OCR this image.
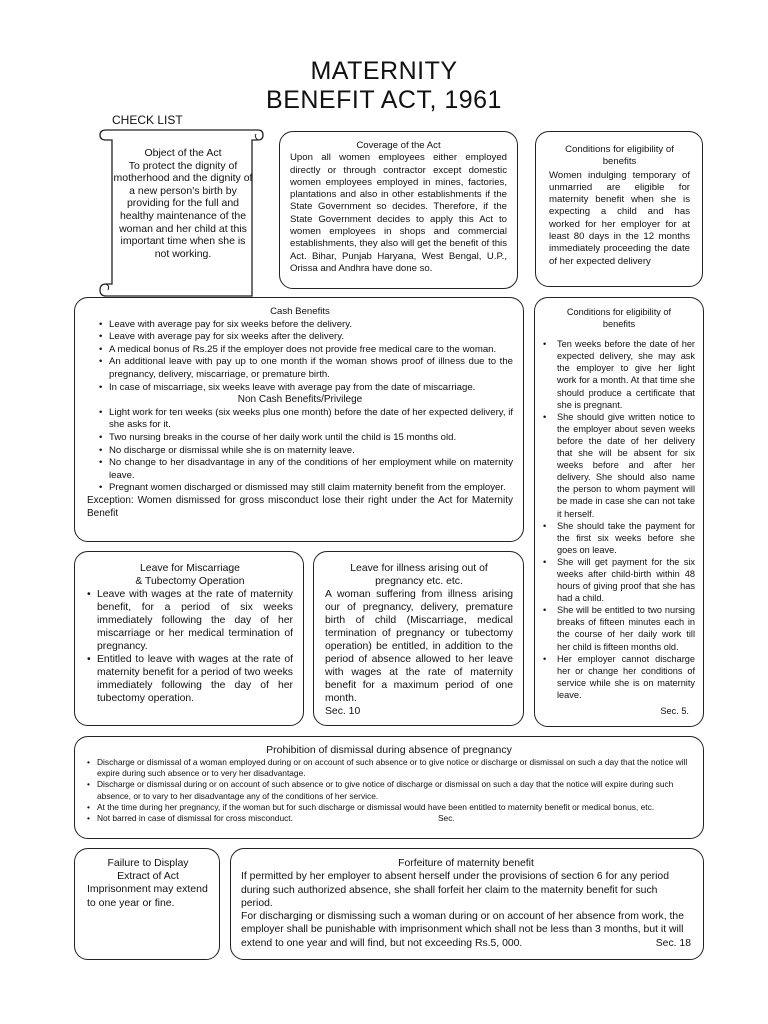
MATERNITY
BENEFIT ACT, 1961
CHECK LIST
Object of the Act
To protect the dignity of motherhood and the dignity of a new person's birth by providing for the full and healthy maintenance of the woman and her child at this important time when she is not working.
Coverage of the Act
Upon all women employees either employed directly or through contractor except domestic women employees employed in mines, factories, plantations and also in other establishments if the State Government so decides. Therefore, if the State Government decides to apply this Act to women employees in shops and commercial establishments, they also will get the benefit of this Act. Bihar, Punjab Haryana, West Bengal, U.P., Orissa and Andhra have done so.
Conditions for eligibility of benefits
Women indulging temporary of unmarried are eligible for maternity benefit when she is expecting a child and has worked for her employer for at least 80 days in the 12 months immediately proceeding the date of her expected delivery
Cash Benefits
• Leave with average pay for six weeks before the delivery.
• Leave with average pay for six weeks after the delivery.
• A medical bonus of Rs.25 if the employer does not provide free medical care to the woman.
• An additional leave with pay up to one month if the woman shows proof of illness due to the pregnancy, delivery, miscarriage, or premature birth.
• In case of miscarriage, six weeks leave with average pay from the date of miscarriage.
Non Cash Benefits/Privilege
• Light work for ten weeks (six weeks plus one month) before the date of her expected delivery, if she asks for it.
• Two nursing breaks in the course of her daily work until the child is 15 months old.
• No discharge or dismissal while she is on maternity leave.
• No change to her disadvantage in any of the conditions of her employment while on maternity leave.
• Pregnant women discharged or dismissed may still claim maternity benefit from the employer.
Exception: Women dismissed for gross misconduct lose their right under the Act for Maternity Benefit
Conditions for eligibility of benefits
• Ten weeks before the date of her expected delivery, she may ask the employer to give her light work for a month. At that time she should produce a certificate that she is pregnant.
• She should give written notice to the employer about seven weeks before the date of her delivery that she will be absent for six weeks before and after her delivery. She should also name the person to whom payment will be made in case she can not take it herself.
• She should take the payment for the first six weeks before she goes on leave.
• She will get payment for the six weeks after child-birth within 48 hours of giving proof that she has had a child.
• She will be entitled to two nursing breaks of fifteen minutes each in the course of her daily work till her child is fifteen months old.
• Her employer cannot discharge her or change her conditions of service while she is on maternity leave.
Sec. 5.
Leave for Miscarriage
& Tubectomy Operation
• Leave with wages at the rate of maternity benefit, for a period of six weeks immediately following the day of her miscarriage or her medical termination of pregnancy.
• Entitled to leave with wages at the rate of maternity benefit for a period of two weeks immediately following the day of her tubectomy operation.
Leave for illness arising out of
pregnancy etc. etc.
A woman suffering from illness arising our of pregnancy, delivery, premature birth of child (Miscarriage, medical termination of pregnancy or tubectomy operation) be entitled, in addition to the period of absence allowed to her leave with wages at the rate of maternity benefit for a maximum period of one month.
Sec. 10
Prohibition of dismissal during absence of pregnancy
• Discharge or dismissal of a woman employed during or on account of such absence or to give notice or discharge or dismissal on such a day that the notice will expire during such absence or to very her disadvantage.
• Discharge or dismissal during or on account of such absence or to give notice of discharge or dismissal on such a day that the notice will expire during such absence, or to vary to her disadvantage any of the conditions of her service.
• At the time during her pregnancy, if the woman but for such discharge or dismissal would have been entitled to maternity benefit or medical bonus, etc.
• Not barred in case of dismissal for cross misconduct.	Sec.
Failure to Display
Extract of Act
Imprisonment may extend to one year or fine.
Forfeiture of maternity benefit
If permitted by her employer to absent herself under the provisions of section 6 for any period during such authorized absence, she shall forfeit her claim to the maternity benefit for such period.
For discharging or dismissing such a woman during or on account of her absence from work, the employer shall be punishable with imprisonment which shall not be less than 3 months, but it will extend to one year and will find, but not exceeding Rs.5, 000.	Sec. 18
